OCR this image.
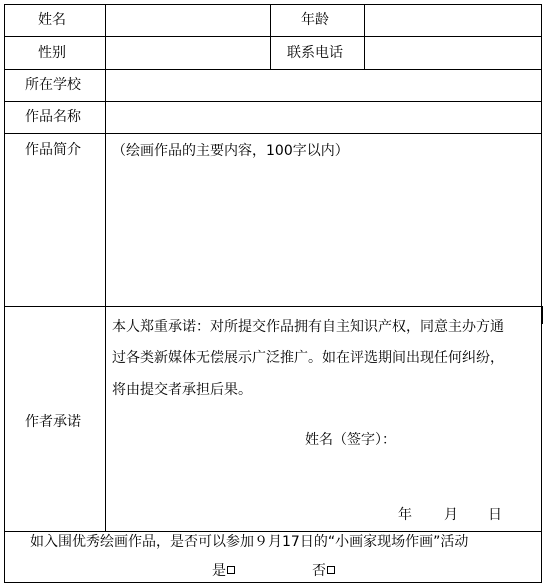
姓名	年龄
性别	联系电话
所在学校
作品名称
作品简介 （绘画作品的主要内容，100字以内）
作者承诺
本人郑重承诺：对所提交作品拥有自主知识产权，同意主办方通
过各类新媒体无偿展示广泛推广。如在评选期间出现任何纠纷，
将由提交者承担后果。
姓名（签字）：
年 月 日
如入围优秀绘画作品，是否可以参加９月17日的“小画家现场作画”活动
是	否
